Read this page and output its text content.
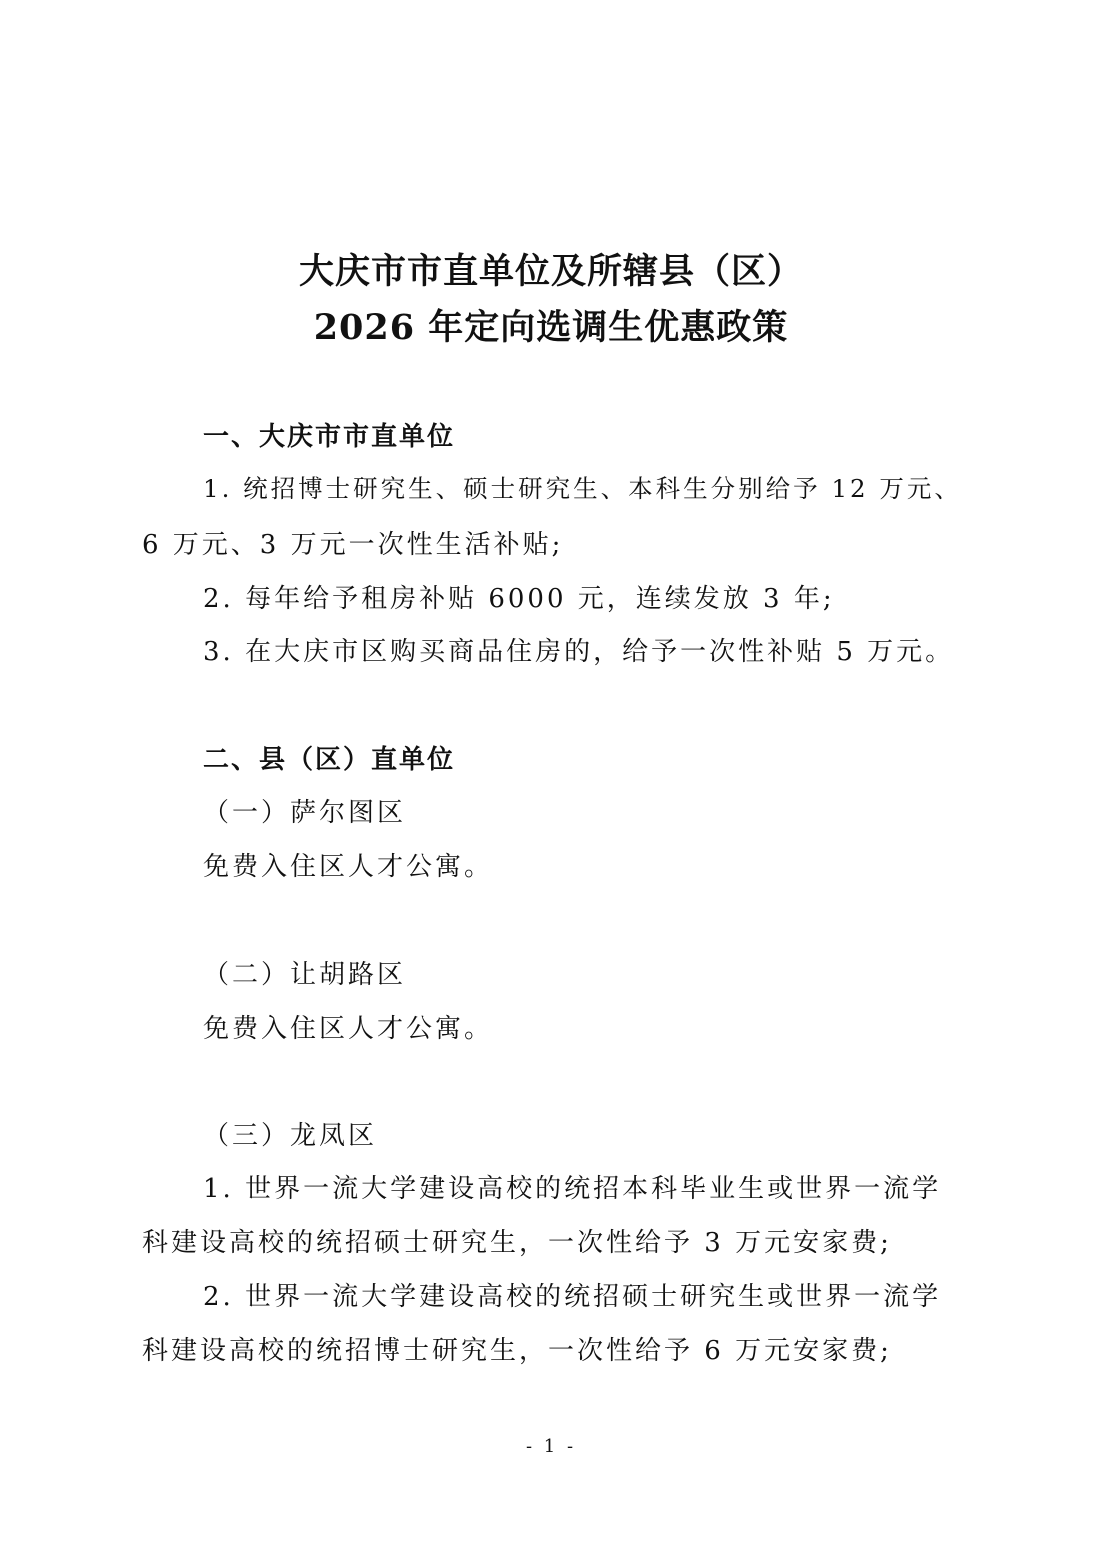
大庆市市直单位及所辖县（区）
2026 年定向选调生优惠政策
一、大庆市市直单位
1. 统招博士研究生、硕士研究生、本科生分别给予 12 万元、
6 万元、3 万元一次性生活补贴;
2. 每年给予租房补贴 6000 元，连续发放 3 年;
3. 在大庆市区购买商品住房的，给予一次性补贴 5 万元。
二、县（区）直单位
（一）萨尔图区
免费入住区人才公寓。
（二）让胡路区
免费入住区人才公寓。
（三）龙凤区
1. 世界一流大学建设高校的统招本科毕业生或世界一流学
科建设高校的统招硕士研究生，一次性给予 3 万元安家费;
2. 世界一流大学建设高校的统招硕士研究生或世界一流学
科建设高校的统招博士研究生，一次性给予 6 万元安家费;
- 1 -
